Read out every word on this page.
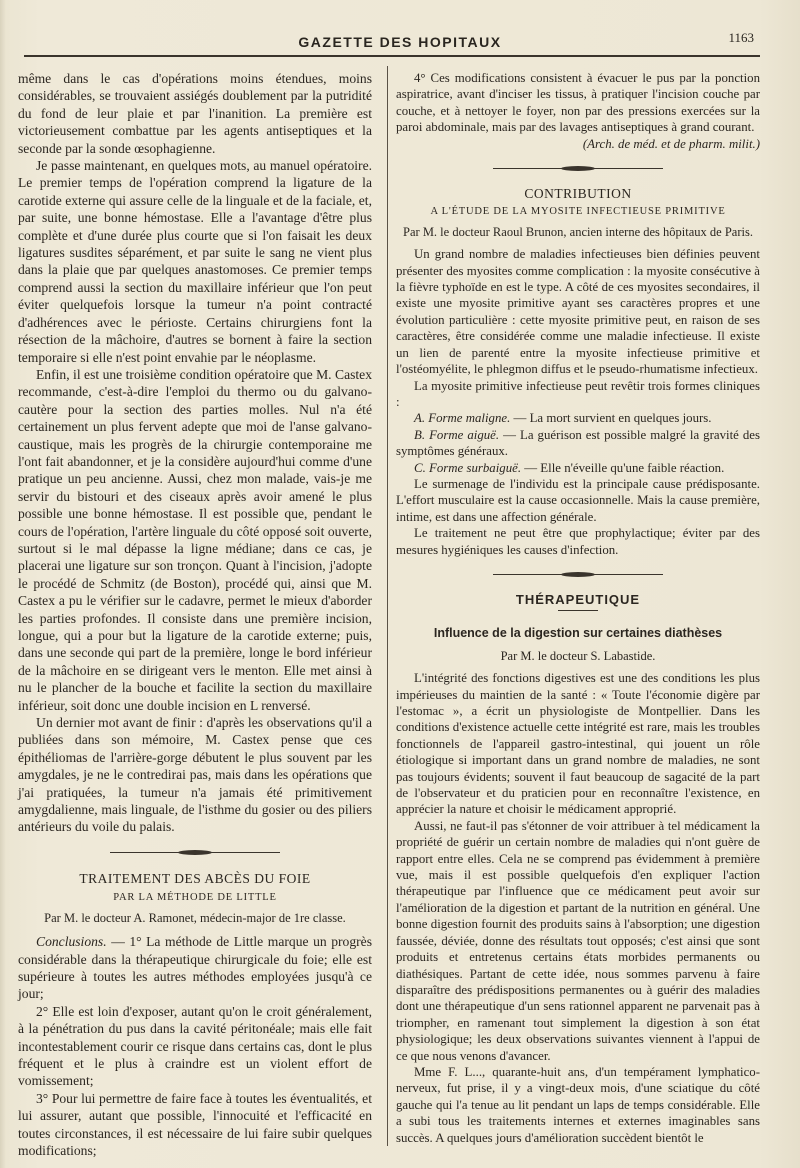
GAZETTE DES HOPITAUX	1163

même dans le cas d'opérations moins étendues, moins considérables, se trouvaient assiégés doublement par la putridité du fond de leur plaie et par l'inanition. La première est victorieusement combattue par les agents antiseptiques et la seconde par la sonde œsophagienne.

Je passe maintenant, en quelques mots, au manuel opératoire. Le premier temps de l'opération comprend la ligature de la carotide externe qui assure celle de la linguale et de la faciale, et, par suite, une bonne hémostase. Elle a l'avantage d'être plus complète et d'une durée plus courte que si l'on faisait les deux ligatures susdites séparément, et par suite le sang ne vient plus dans la plaie que par quelques anastomoses. Ce premier temps comprend aussi la section du maxillaire inférieur que l'on peut éviter quelquefois lorsque la tumeur n'a point contracté d'adhérences avec le périoste. Certains chirurgiens font la résection de la mâchoire, d'autres se bornent à faire la section temporaire si elle n'est point envahie par le néoplasme.

Enfin, il est une troisième condition opératoire que M. Castex recommande, c'est-à-dire l'emploi du thermo ou du galvano-cautère pour la section des parties molles. Nul n'a été certainement un plus fervent adepte que moi de l'anse galvano-caustique, mais les progrès de la chirurgie contemporaine me l'ont fait abandonner, et je la considère aujourd'hui comme d'une pratique un peu ancienne. Aussi, chez mon malade, vais-je me servir du bistouri et des ciseaux après avoir amené le plus possible une bonne hémostase. Il est possible que, pendant le cours de l'opération, l'artère linguale du côté opposé soit ouverte, surtout si le mal dépasse la ligne médiane; dans ce cas, je placerai une ligature sur son tronçon. Quant à l'incision, j'adopte le procédé de Schmitz (de Boston), procédé qui, ainsi que M. Castex a pu le vérifier sur le cadavre, permet le mieux d'aborder les parties profondes. Il consiste dans une première incision, longue, qui a pour but la ligature de la carotide externe; puis, dans une seconde qui part de la première, longe le bord inférieur de la mâchoire en se dirigeant vers le menton. Elle met ainsi à nu le plancher de la bouche et facilite la section du maxillaire inférieur, soit donc une double incision en L renversé.

Un dernier mot avant de finir : d'après les observations qu'il a publiées dans son mémoire, M. Castex pense que ces épithéliomas de l'arrière-gorge débutent le plus souvent par les amygdales, je ne le contredirai pas, mais dans les opérations que j'ai pratiquées, la tumeur n'a jamais été primitivement amygdalienne, mais linguale, de l'isthme du gosier ou des piliers antérieurs du voile du palais.

TRAITEMENT DES ABCÈS DU FOIE
PAR LA MÉTHODE DE LITTLE
Par M. le docteur A. Ramonet, médecin-major de 1re classe.

Conclusions. — 1° La méthode de Little marque un progrès considérable dans la thérapeutique chirurgicale du foie; elle est supérieure à toutes les autres méthodes employées jusqu'à ce jour;

2° Elle est loin d'exposer, autant qu'on le croit généralement, à la pénétration du pus dans la cavité péritonéale; mais elle fait incontestablement courir ce risque dans certains cas, dont le plus fréquent et le plus à craindre est un violent effort de vomissement;

3° Pour lui permettre de faire face à toutes les éventualités, et lui assurer, autant que possible, l'innocuité et l'efficacité en toutes circonstances, il est nécessaire de lui faire subir quelques modifications;

4° Ces modifications consistent à évacuer le pus par la ponction aspiratrice, avant d'inciser les tissus, à pratiquer l'incision couche par couche, et à nettoyer le foyer, non par des pressions exercées sur la paroi abdominale, mais par des lavages antiseptiques à grand courant.

(Arch. de méd. et de pharm. milit.)
CONTRIBUTION
A L'ÉTUDE DE LA MYOSITE INFECTIEUSE PRIMITIVE
Par M. le docteur Raoul Brunon, ancien interne des hôpitaux de Paris.

Un grand nombre de maladies infectieuses bien définies peuvent présenter des myosites comme complication : la myosite consécutive à la fièvre typhoïde en est le type. A côté de ces myosites secondaires, il existe une myosite primitive ayant ses caractères propres et une évolution particulière : cette myosite primitive peut, en raison de ses caractères, être considérée comme une maladie infectieuse. Il existe un lien de parenté entre la myosite infectieuse primitive et l'ostéomyélite, le phlegmon diffus et le pseudo-rhumatisme infectieux.

La myosite primitive infectieuse peut revêtir trois formes cliniques :

A. Forme maligne. — La mort survient en quelques jours.

B. Forme aiguë. — La guérison est possible malgré la gravité des symptômes généraux.

C. Forme surbaiguë. — Elle n'éveille qu'une faible réaction.

Le surmenage de l'individu est la principale cause prédisposante. L'effort musculaire est la cause occasionnelle. Mais la cause première, intime, est dans une affection générale.

Le traitement ne peut être que prophylactique; éviter par des mesures hygiéniques les causes d'infection.

THÉRAPEUTIQUE
Influence de la digestion sur certaines diathèses
Par M. le docteur S. Labastide.

L'intégrité des fonctions digestives est une des conditions les plus impérieuses du maintien de la santé : « Toute l'économie digère par l'estomac », a écrit un physiologiste de Montpellier. Dans les conditions d'existence actuelle cette intégrité est rare, mais les troubles fonctionnels de l'appareil gastro-intestinal, qui jouent un rôle étiologique si important dans un grand nombre de maladies, ne sont pas toujours évidents; souvent il faut beaucoup de sagacité de la part de l'observateur et du praticien pour en reconnaître l'existence, en apprécier la nature et choisir le médicament approprié.

Aussi, ne faut-il pas s'étonner de voir attribuer à tel médicament la propriété de guérir un certain nombre de maladies qui n'ont guère de rapport entre elles. Cela ne se comprend pas évidemment à première vue, mais il est possible quelquefois d'en expliquer l'action thérapeutique par l'influence que ce médicament peut avoir sur l'amélioration de la digestion et partant de la nutrition en général. Une bonne digestion fournit des produits sains à l'absorption; une digestion faussée, déviée, donne des résultats tout opposés; c'est ainsi que sont produits et entretenus certains états morbides permanents ou diathésiques. Partant de cette idée, nous sommes parvenu à faire disparaître des prédispositions permanentes ou à guérir des maladies dont une thérapeutique d'un sens rationnel apparent ne parvenait pas à triompher, en ramenant tout simplement la digestion à son état physiologique; les deux observations suivantes viennent à l'appui de ce que nous venons d'avancer.

Mme F. L..., quarante-huit ans, d'un tempérament lymphatico-nerveux, fut prise, il y a vingt-deux mois, d'une sciatique du côté gauche qui l'a tenue au lit pendant un laps de temps considérable. Elle a subi tous les traitements internes et externes imaginables sans succès. A quelques jours d'amélioration succèdent bientôt le
